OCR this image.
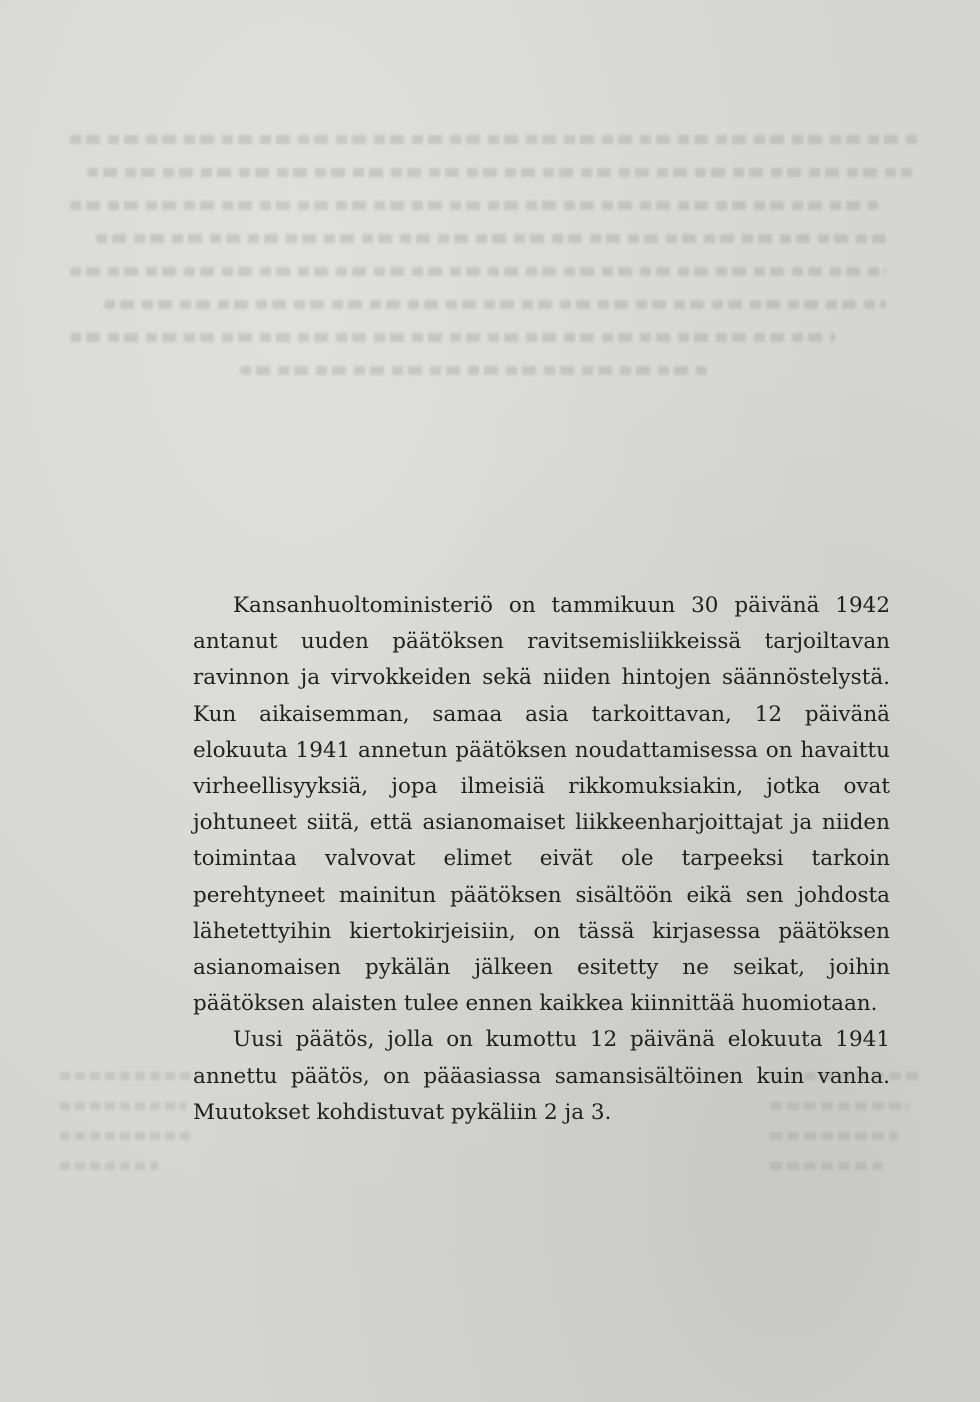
Kansanhuoltoministeriö on tammikuun 30 päivänä 1942 antanut uuden päätöksen ravitsemisliikkeissä tarjoiltavan ravinnon ja virvokkeiden sekä niiden hintojen säännöstelystä. Kun aikaisemman, samaa asia tarkoittavan, 12 päivänä elokuuta 1941 annetun päätöksen noudattamisessa on havaittu virheellisyyksiä, jopa ilmeisiä rikkomuksiakin, jotka ovat johtuneet siitä, että asianomaiset liikkeenharjoittajat ja niiden toimintaa valvovat elimet eivät ole tarpeeksi tarkoin perehtyneet mainitun päätöksen sisältöön eikä sen johdosta lähetettyihin kiertokirjeisiin, on tässä kirjasessa päätöksen asianomaisen pykälän jälkeen esitetty ne seikat, joihin päätöksen alaisten tulee ennen kaikkea kiinnittää huomiotaan.

Uusi päätös, jolla on kumottu 12 päivänä elokuuta 1941 annettu päätös, on pääasiassa samansisältöinen kuin vanha. Muutokset kohdistuvat pykäliin 2 ja 3.
